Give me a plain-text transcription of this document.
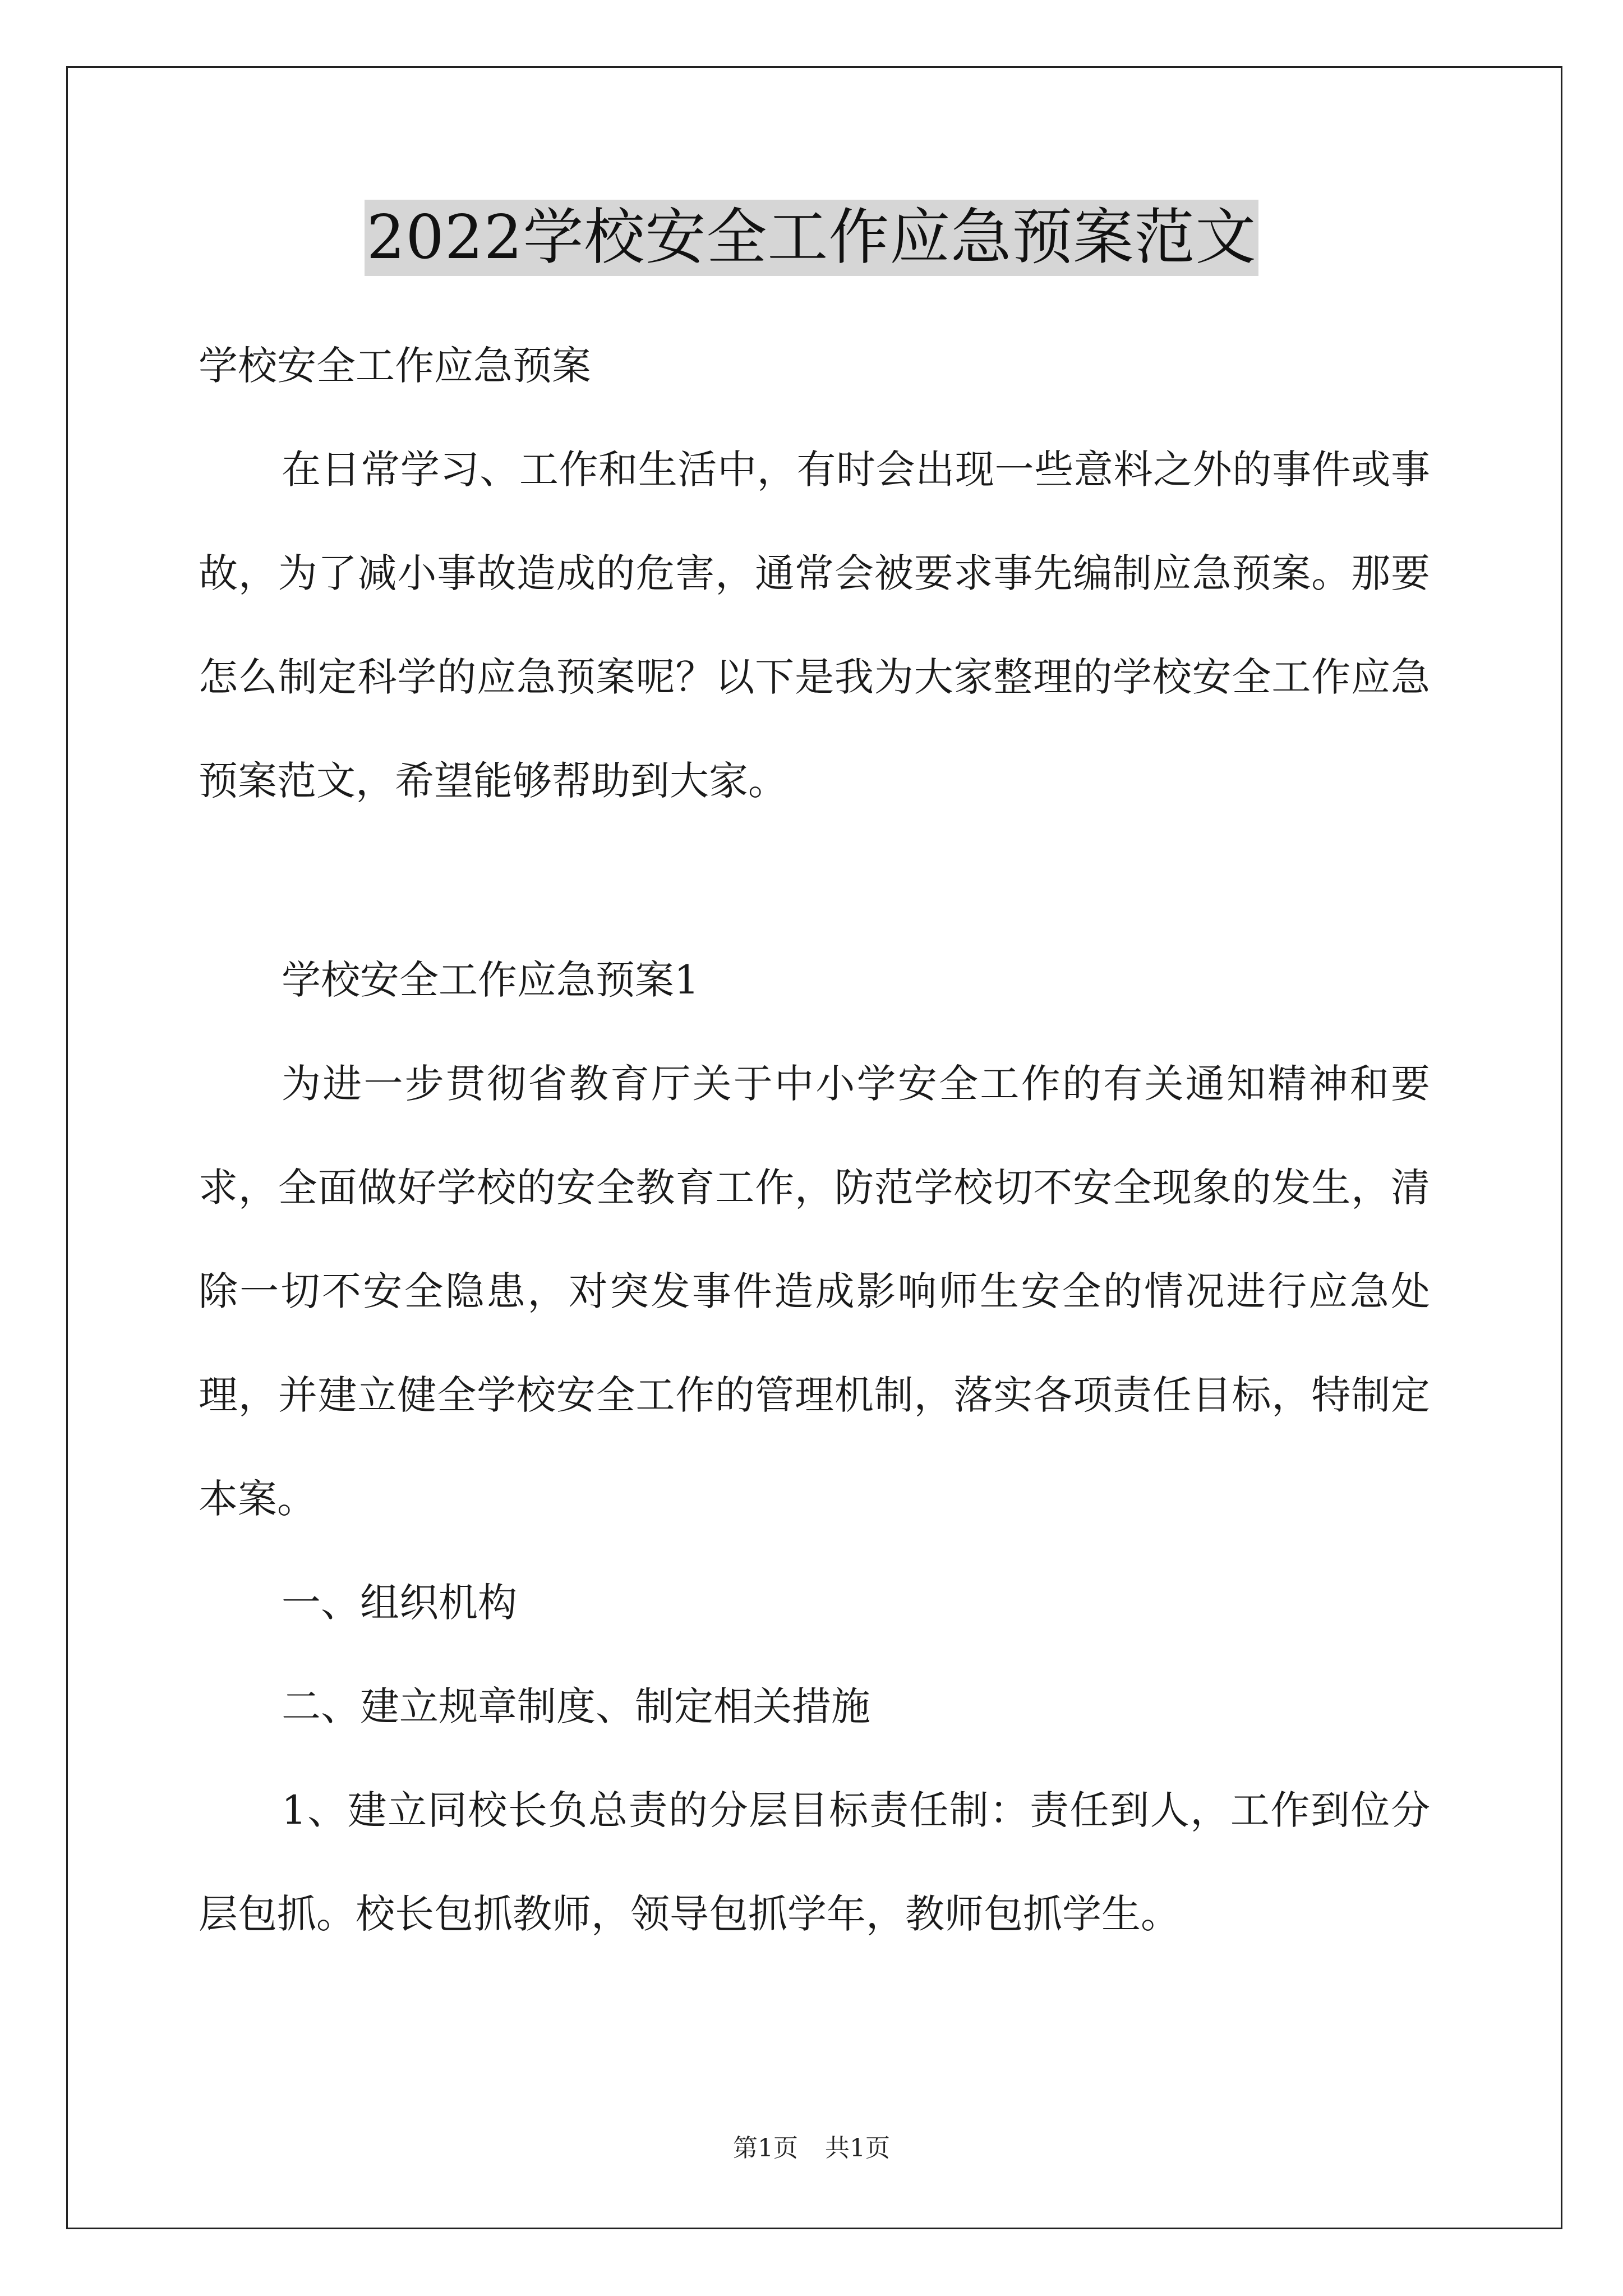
2022学校安全工作应急预案范文

学校安全工作应急预案

在日常学习、工作和生活中，有时会出现一些意料之外的事件或事故，为了减小事故造成的危害，通常会被要求事先编制应急预案。那要怎么制定科学的应急预案呢？以下是我为大家整理的学校安全工作应急预案范文，希望能够帮助到大家。

学校安全工作应急预案1

为进一步贯彻省教育厅关于中小学安全工作的有关通知精神和要求，全面做好学校的安全教育工作，防范学校切不安全现象的发生，清除一切不安全隐患，对突发事件造成影响师生安全的情况进行应急处理，并建立健全学校安全工作的管理机制，落实各项责任目标，特制定本案。

一、组织机构

二、建立规章制度、制定相关措施

1、建立同校长负总责的分层目标责任制：责任到人，工作到位分层包抓。校长包抓教师，领导包抓学年，教师包抓学生。

第1页 共1页
